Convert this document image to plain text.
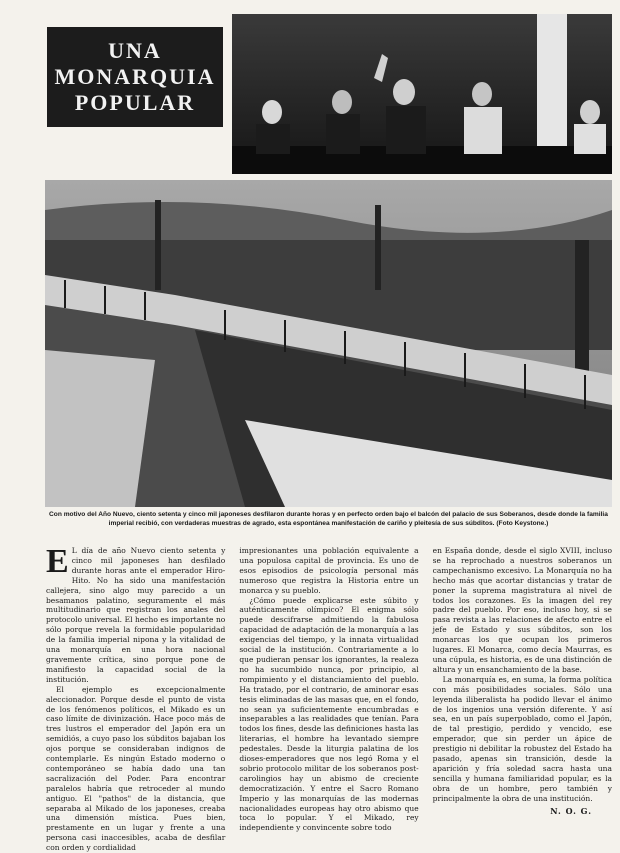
UNA
MONARQUIA
POPULAR
Con motivo del Año Nuevo, ciento setenta y cinco mil japoneses desfilaron durante horas y en perfecto orden bajo el balcón del palacio de sus Soberanos, desde donde la familia imperial recibió, con verdaderas muestras de agrado, esta espontánea manifestación de cariño y pleitesía de sus súbditos. (Foto Keystone.)

E L día de año Nuevo ciento setenta y cinco mil japoneses han desfilado durante horas ante el emperador Hiro-Hito. No ha sido una manifestación callejera, sino algo muy parecido a un besamanos palatino, seguramente el más multitudinario que registran los anales del protocolo universal. El hecho es importante no sólo porque revela la formidable popularidad de la familia imperial nipona y la vitalidad de una monarquía en una hora nacional gravemente crítica, sino porque pone de manifiesto la capacidad social de la institución.

El ejemplo es excepcionalmente aleccionador. Porque desde el punto de vista de los fenómenos políticos, el Mikado es un caso límite de divinización. Hace poco más de tres lustros el emperador del Japón era un semidiós, a cuyo paso los súbditos bajaban los ojos porque se consideraban indignos de contemplarle. Es ningún Estado moderno o contemporáneo se había dado una tan sacralización del Poder. Para encontrar paralelos habría que retroceder al mundo antiguo. El "pathos" de la distancia, que separaba al Mikado de los japoneses, creaba una dimensión mística. Pues bien, prestamente en un lugar y frente a una persona casi inaccesibles, acaba de desfilar con orden y cordialidad

impresionantes una población equivalente a una populosa capital de provincia. Es uno de esos episodios de psicología personal más numeroso que registra la Historia entre un monarca y su pueblo.

¿Cómo puede explicarse este súbito y auténticamente olímpico? El enigma sólo puede descifrarse admitiendo la fabulosa capacidad de adaptación de la monarquía a las exigencias del tiempo, y la innata virtualidad social de la institución. Contrariamente a lo que pudieran pensar los ignorantes, la realeza no ha sucumbido nunca, por principio, al rompimiento y el distanciamiento del pueblo. Ha tratado, por el contrario, de aminorar esas tesis eliminadas de las masas que, en el fondo, no sean ya suficientemente encumbradas e inseparables a las realidades que tenían. Para todos los fines, desde las definiciones hasta las literarias, el hombre ha levantado siempre pedestales. Desde la liturgia palatina de los dioses-emperadores que nos legó Roma y el sobrio protocolo militar de los soberanos post-carolingios hay un abismo de creciente democratización. Y entre el Sacro Romano Imperio y las monarquías de las modernas nacionalidades europeas hay otro abismo que toca lo popular. Y el Mikado, rey independiente y convincente sobre todo

en España donde, desde el siglo XVIII, incluso se ha reprochado a nuestros soberanos un campechanismo excesivo. La Monarquía no ha hecho más que acortar distancias y tratar de poner la suprema magistratura al nivel de todos los corazones. Es la imagen del rey padre del pueblo. Por eso, incluso hoy, si se pasa revista a las relaciones de afecto entre el jefe de Estado y sus súbditos, son los monarcas los que ocupan los primeros lugares. El Monarca, como decía Maurras, es una cúpula, es historia, es de una distinción de altura y un ensanchamiento de la base.

La monarquía es, en suma, la forma política con más posibilidades sociales. Sólo una leyenda iliberalista ha podido llevar el ánimo de los ingenios una versión diferente. Y así sea, en un país superpoblado, como el Japón, de tal prestigio, perdido y vencido, ese emperador, que sin perder un ápice de prestigio ni debilitar la robustez del Estado ha pasado, apenas sin transición, desde la aparición y fría soledad sacra hasta una sencilla y humana familiaridad popular, es la obra de un hombre, pero también y principalmente la obra de una institución.

N. O. G.
